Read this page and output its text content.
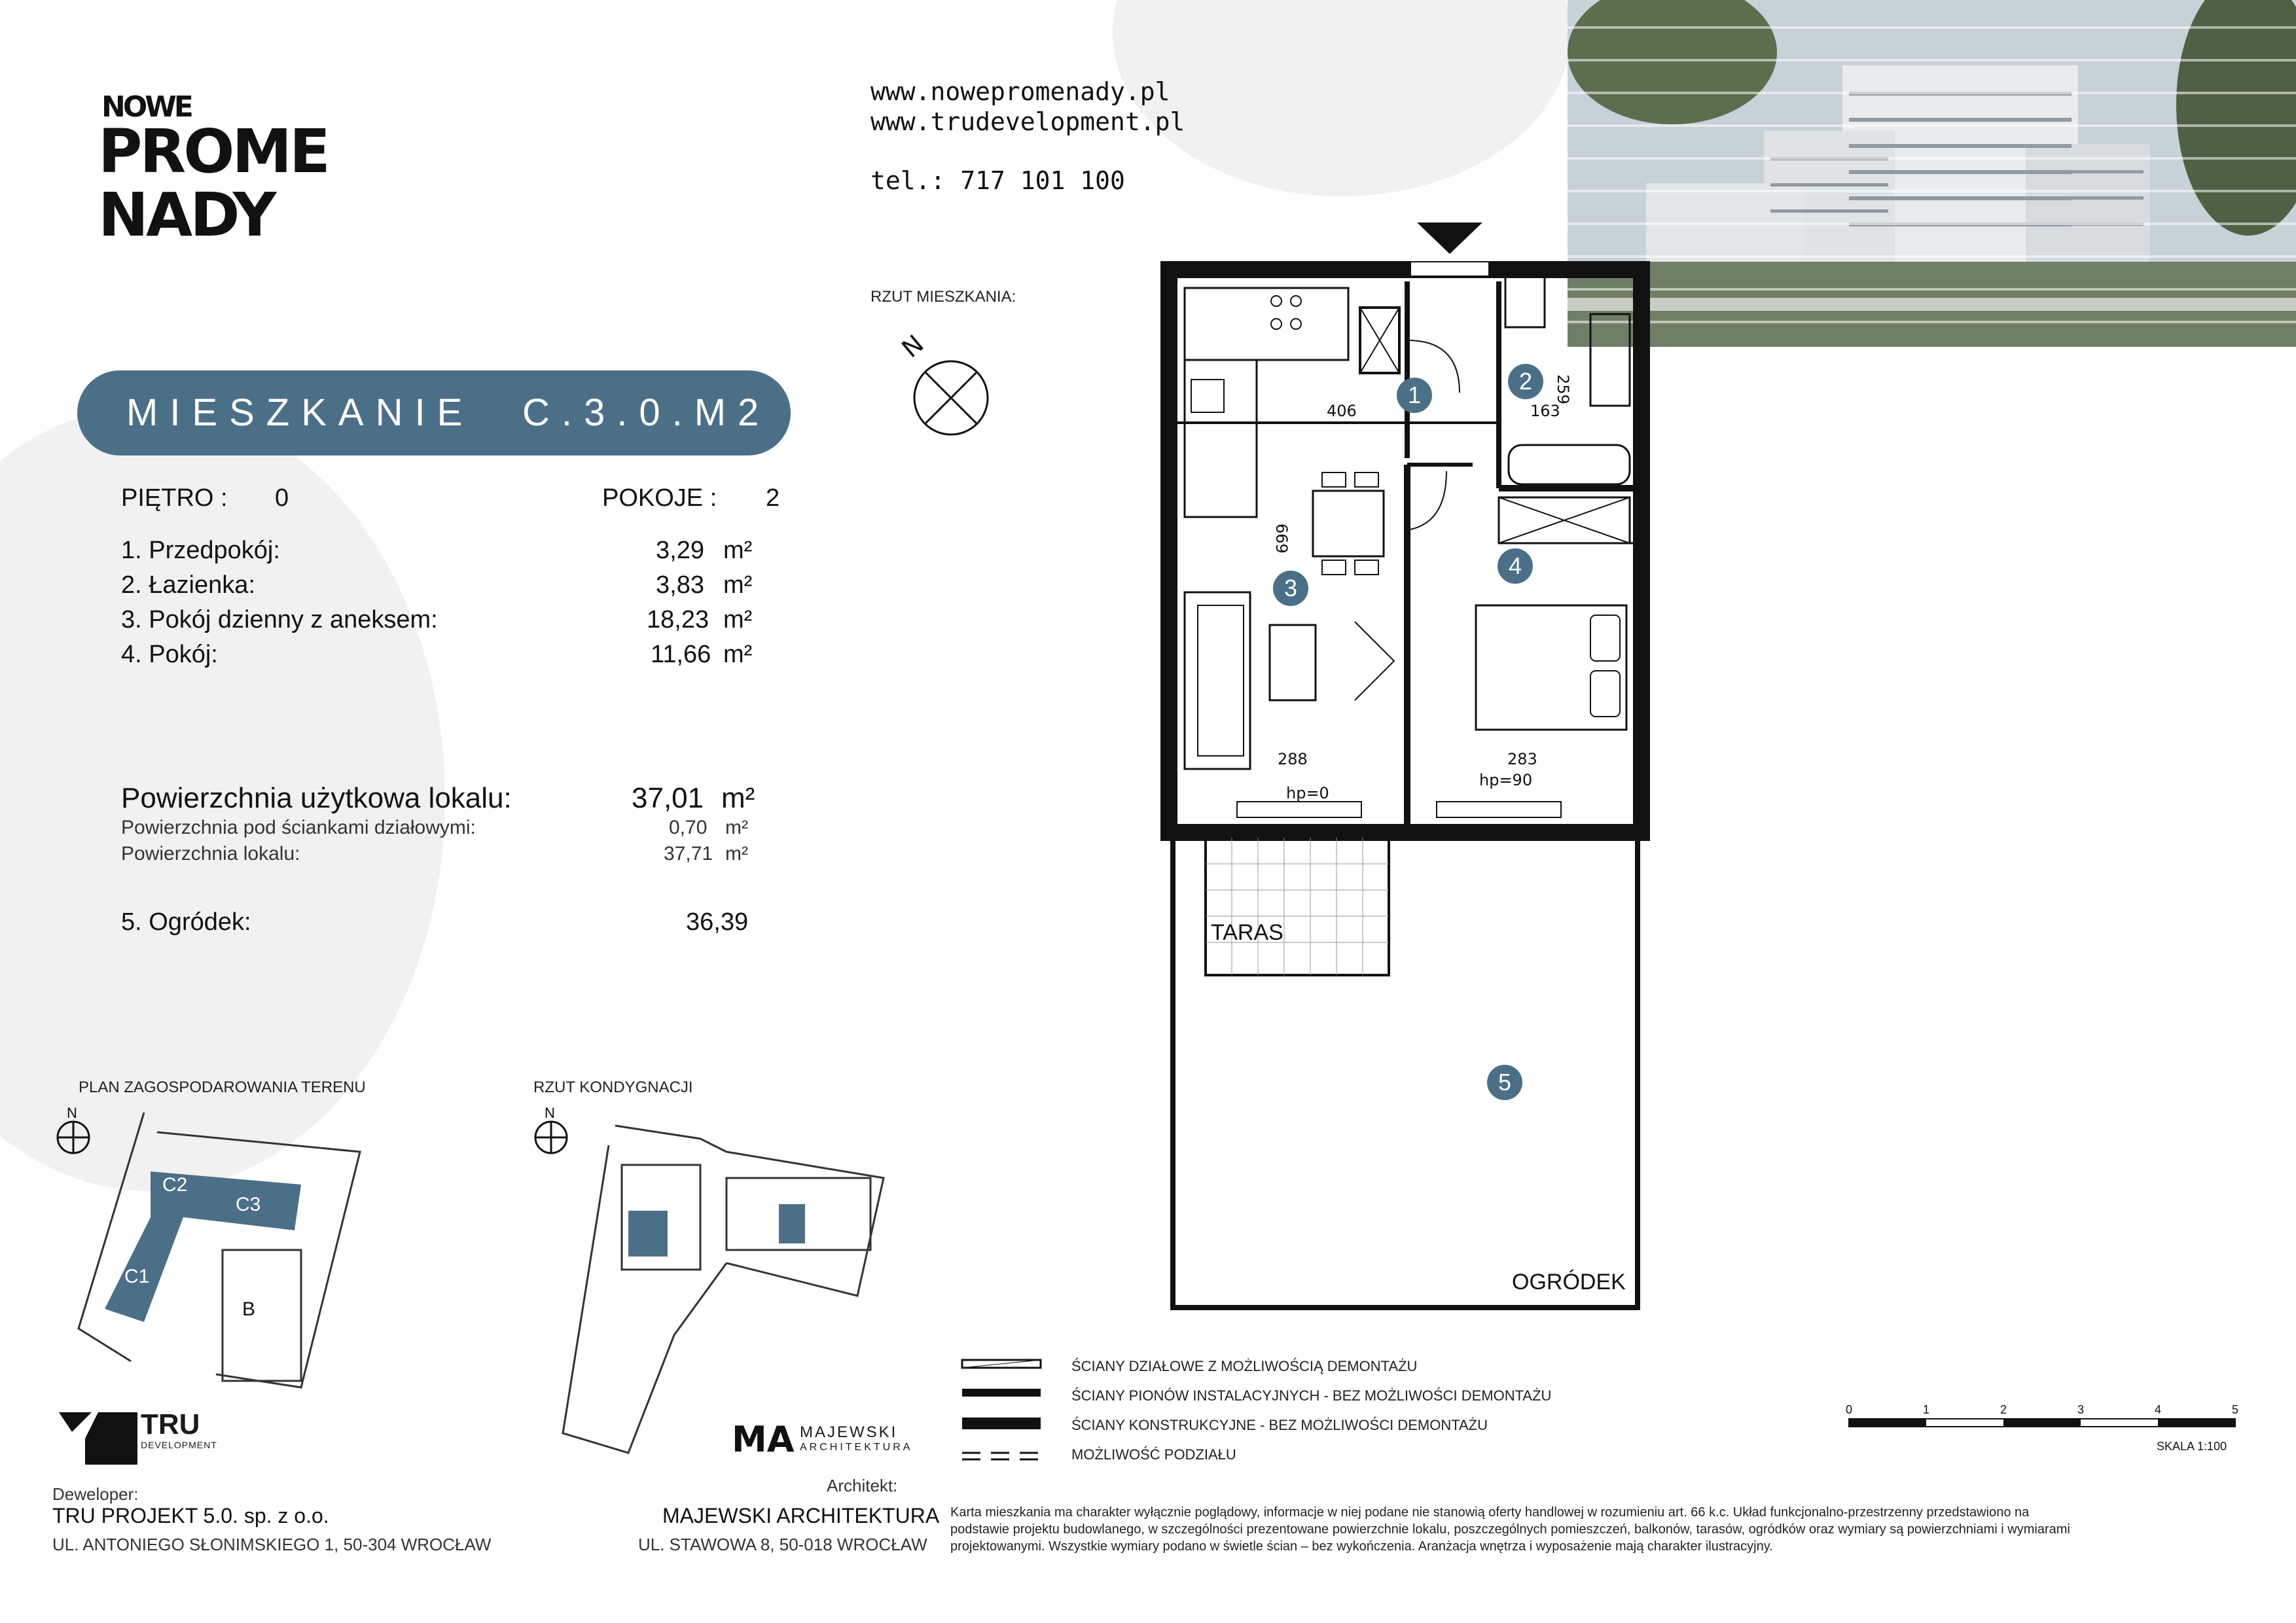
NOWE
PROME
NADY
www.nowepromenady.pl
www.trudevelopment.pl
tel.: 717 101 100
MIESZKANIE C.3.0.M2
PIĘTRO : 0	POKOJE : 2
1. Przedpokój:	3,29 m²
2. Łazienka:	3,83 m²
3. Pokój dzienny z aneksem:	18,23 m²
4. Pokój:	11,66 m²
Powierzchnia użytkowa lokalu:	37,01 m²
Powierzchnia pod ściankami działowymi:	0,70 m²
Powierzchnia lokalu:	37,71 m²
5. Ogródek:	36,39
RZUT MIESZKANIA:
N
406	163
259
669
288	283
hp=0
hp=90
TARAS
OGRÓDEK
1
2
3
4
5
PLAN ZAGOSPODAROWANIA TERENU
N
C2
C3
C1
B
RZUT KONDYGNACJI
N
ŚCIANY DZIAŁOWE Z MOŻLIWOŚCIĄ DEMONTAŻU
ŚCIANY PIONÓW INSTALACYJNYCH - BEZ MOŻLIWOŚCI DEMONTAŻU
ŚCIANY KONSTRUKCYJNE - BEZ MOŻLIWOŚCI DEMONTAŻU
MOŻLIWOŚĆ PODZIAŁU
0	1	2	3	4	5
SKALA 1:100
TRU
DEVELOPMENT
Deweloper:
TRU PROJEKT 5.0. sp. z o.o.
UL. ANTONIEGO SŁONIMSKIEGO 1, 50-304 WROCŁAW
MA MAJEWSKI
ARCHITEKTURA
Architekt:
MAJEWSKI ARCHITEKTURA
UL. STAWOWA 8, 50-018 WROCŁAW
Karta mieszkania ma charakter wyłącznie poglądowy, informacje w niej podane nie stanowią oferty handlowej w rozumieniu art. 66 k.c. Układ funkcjonalno-przestrzenny przedstawiono na
podstawie projektu budowlanego, w szczególności prezentowane powierzchnie lokalu, poszczególnych pomieszczeń, balkonów, tarasów, ogródków oraz wymiary są powierzchniami i wymiarami
projektowanymi. Wszystkie wymiary podano w świetle ścian – bez wykończenia. Aranżacja wnętrza i wyposażenie mają charakter ilustracyjny.
